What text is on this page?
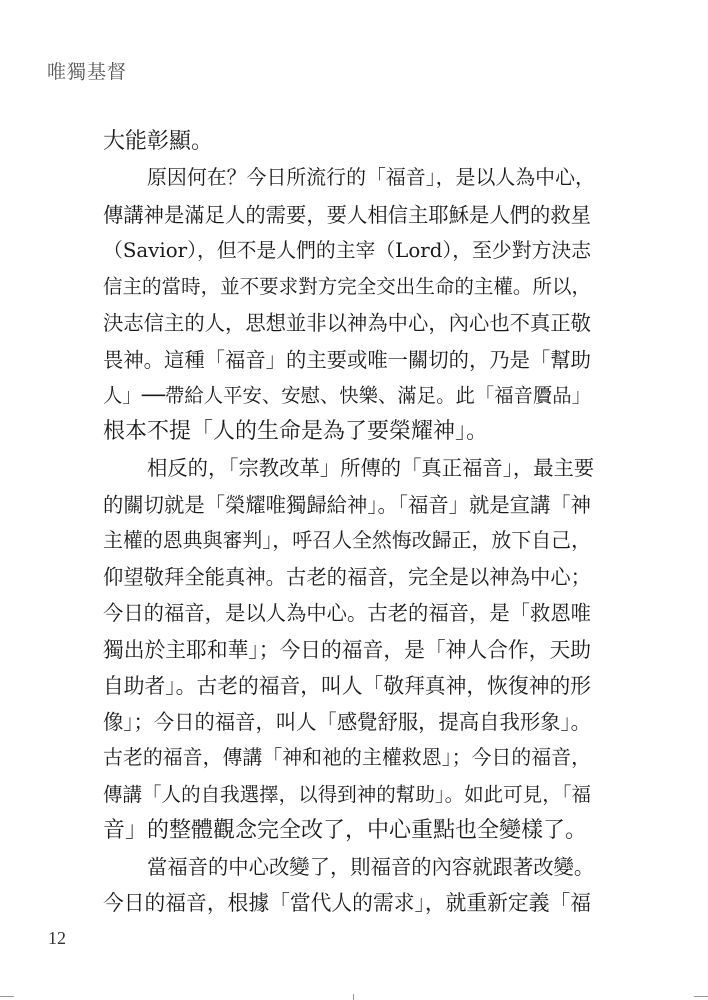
唯獨基督
大能彰顯。
原因何在？今日所流行的「福音」，是以人為中心，
傳講神是滿足人的需要，要人相信主耶穌是人們的救星
（Savior），但不是人們的主宰（Lord），至少對方決志
信主的當時，並不要求對方完全交出生命的主權。所以，
決志信主的人，思想並非以神為中心，內心也不真正敬
畏神。這種「福音」的主要或唯一關切的，乃是「幫助
人」──帶給人平安、安慰、快樂、滿足。此「福音贗品」
根本不提「人的生命是為了要榮耀神」。
相反的，「宗教改革」所傳的「真正福音」，最主要
的關切就是「榮耀唯獨歸給神」。「福音」就是宣講「神
主權的恩典與審判」，呼召人全然悔改歸正，放下自己，
仰望敬拜全能真神。古老的福音，完全是以神為中心；
今日的福音，是以人為中心。古老的福音，是「救恩唯
獨出於主耶和華」；今日的福音，是「神人合作，天助
自助者」。古老的福音，叫人「敬拜真神，恢復神的形
像」；今日的福音，叫人「感覺舒服，提高自我形象」。
古老的福音，傳講「神和祂的主權救恩」；今日的福音，
傳講「人的自我選擇，以得到神的幫助」。如此可見，「福
音」的整體觀念完全改了，中心重點也全變樣了。
當福音的中心改變了，則福音的內容就跟著改變。
今日的福音，根據「當代人的需求」，就重新定義「福
12
